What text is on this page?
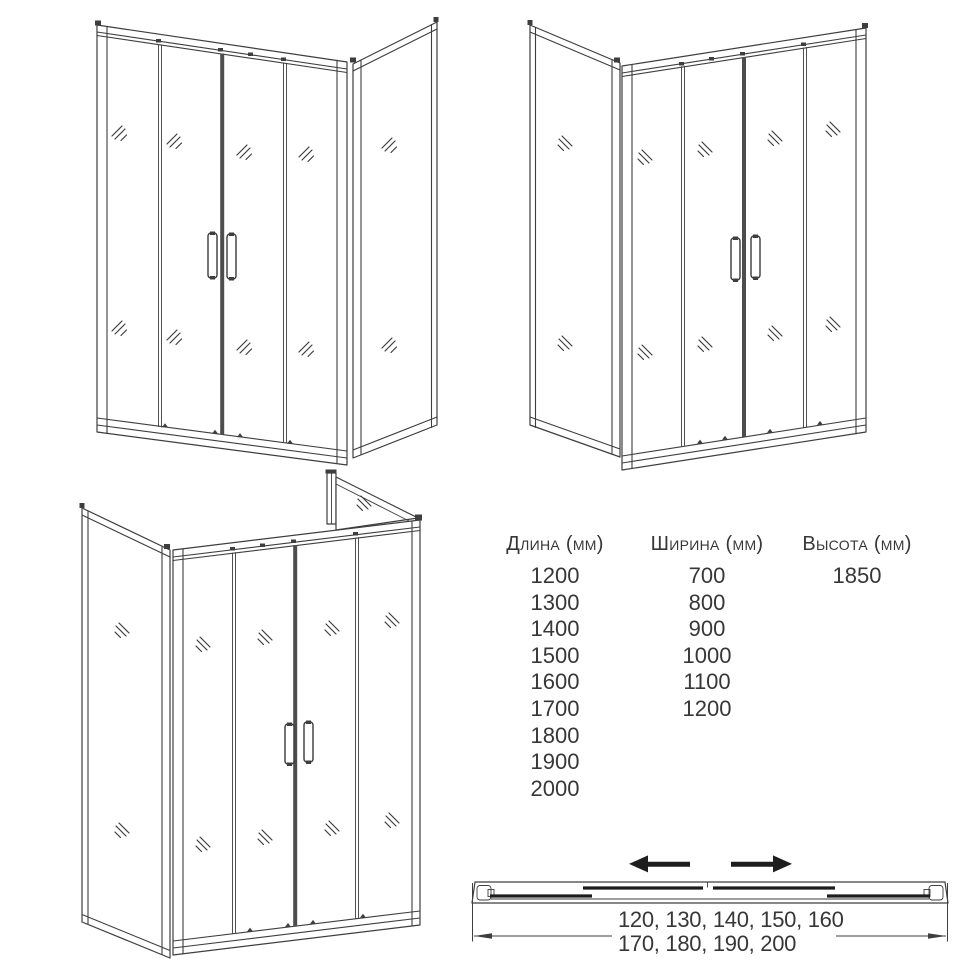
Длина (мм)
1200
1300
1400
1500
1600
1700
1800
1900
2000
Ширина (мм)
700
800
900
1000
1100
1200
Высота (мм)
1850
120, 130, 140, 150, 160
170, 180, 190, 200
